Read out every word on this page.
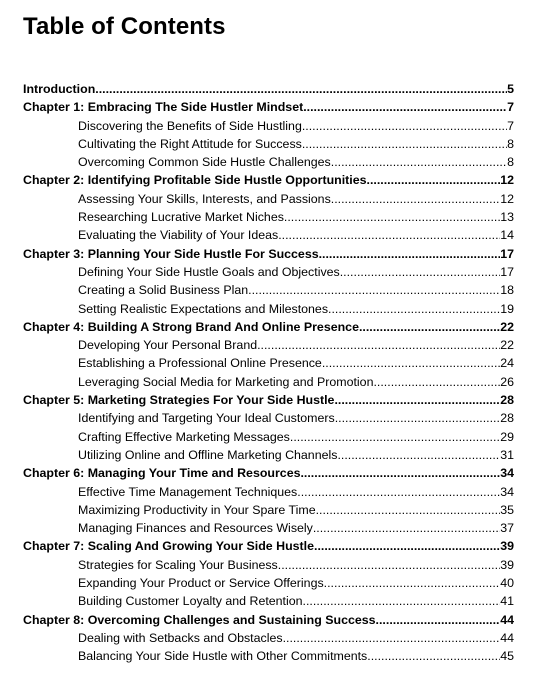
Table of Contents
Introduction .....	5
Chapter 1: Embracing The Side Hustler Mindset .....	7
Discovering the Benefits of Side Hustling .....	7
Cultivating the Right Attitude for Success .....	8
Overcoming Common Side Hustle Challenges .....	8
Chapter 2: Identifying Profitable Side Hustle Opportunities .....	12
Assessing Your Skills, Interests, and Passions .....	12
Researching Lucrative Market Niches .....	13
Evaluating the Viability of Your Ideas .....	14
Chapter 3: Planning Your Side Hustle For Success .....	17
Defining Your Side Hustle Goals and Objectives .....	17
Creating a Solid Business Plan .....	18
Setting Realistic Expectations and Milestones .....	19
Chapter 4: Building A Strong Brand And Online Presence .....	22
Developing Your Personal Brand .....	22
Establishing a Professional Online Presence .....	24
Leveraging Social Media for Marketing and Promotion .....	26
Chapter 5: Marketing Strategies For Your Side Hustle .....	28
Identifying and Targeting Your Ideal Customers .....	28
Crafting Effective Marketing Messages .....	29
Utilizing Online and Offline Marketing Channels .....	31
Chapter 6: Managing Your Time and Resources .....	34
Effective Time Management Techniques .....	34
Maximizing Productivity in Your Spare Time .....	35
Managing Finances and Resources Wisely .....	37
Chapter 7: Scaling And Growing Your Side Hustle .....	39
Strategies for Scaling Your Business .....	39
Expanding Your Product or Service Offerings .....	40
Building Customer Loyalty and Retention .....	41
Chapter 8: Overcoming Challenges and Sustaining Success .....	44
Dealing with Setbacks and Obstacles .....	44
Balancing Your Side Hustle with Other Commitments .....	45
